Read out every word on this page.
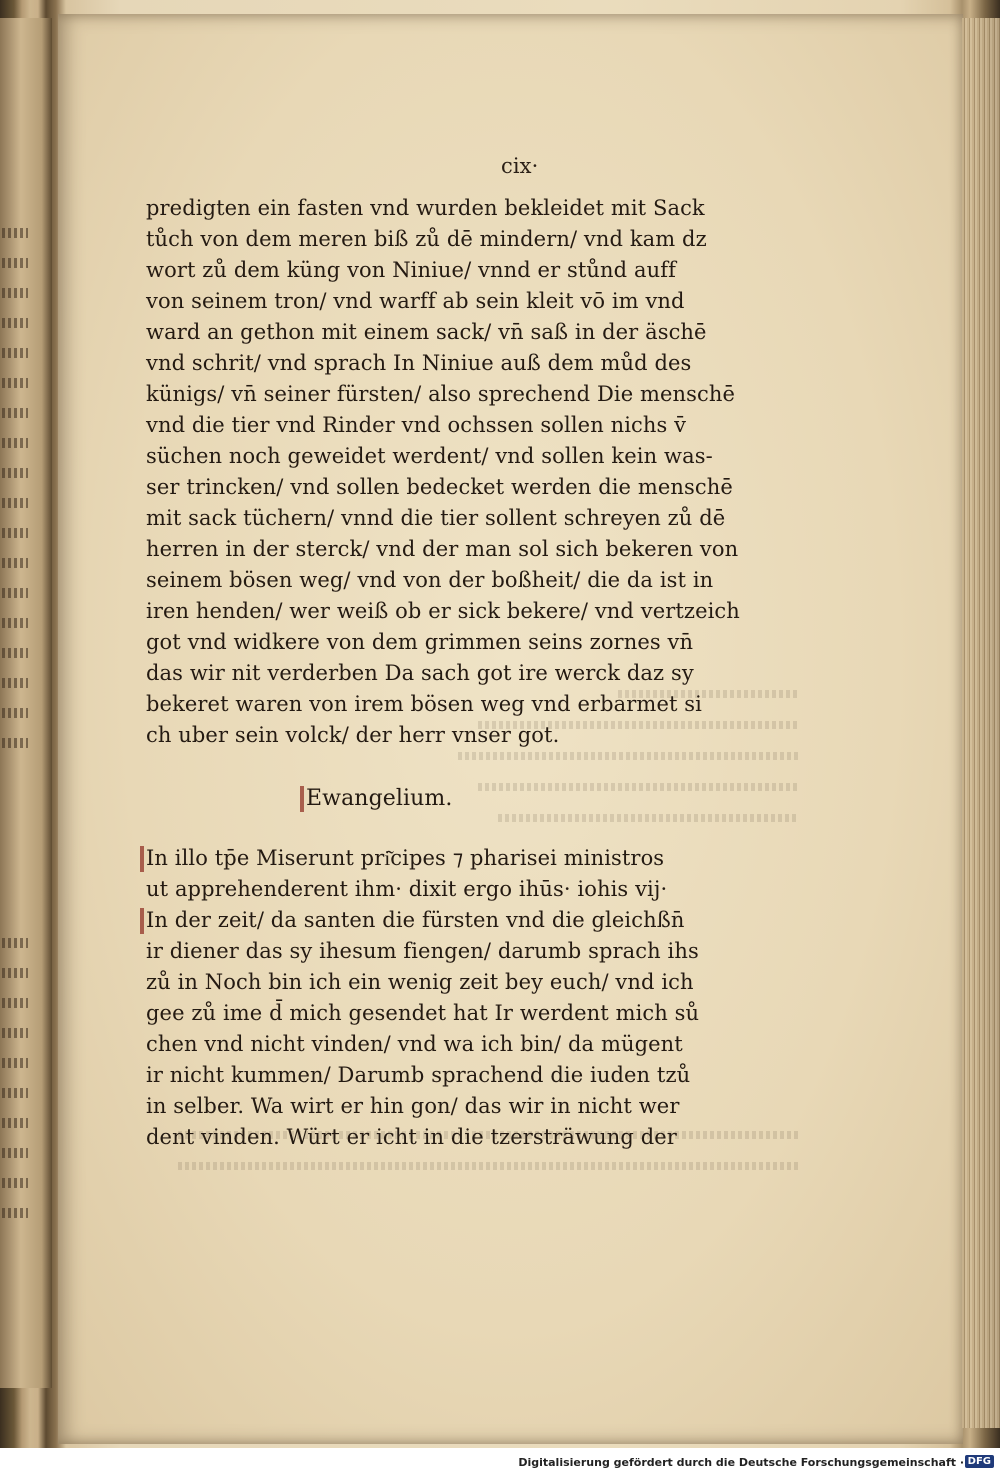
cix·
predigten ein fasten vnd wurden bekleidet mit Sack
tůch von dem meren biß zů dē mindern/ vnd kam dz
wort zů dem küng von Niniue/ vnnd er stůnd auff
von seinem tron/ vnd warff ab sein kleit vō im vnd
ward an gethon mit einem sack/ vn̄ saß in der äschē
vnd schrit/ vnd sprach In Niniue auß dem můd des
künigs/ vn̄ seiner fürsten/ also sprechend Die menschē
vnd die tier vnd Rinder vnd ochssen sollen nichs v̄
süchen noch geweidet werdent/ vnd sollen kein was-
ser trincken/ vnd sollen bedecket werden die menschē
mit sack tüchern/ vnnd die tier sollent schreyen zů dē
herren in der sterck/ vnd der man sol sich bekeren von
seinem bösen weg/ vnd von der boßheit/ die da ist in
iren henden/ wer weiß ob er sick bekere/ vnd vertzeich
got vnd widkere von dem grimmen seins zornes vn̄
das wir nit verderben Da sach got ire werck daz sy
bekeret waren von irem bösen weg vnd erbarmet si
ch uber sein volck/ der herr vnser got.
Ewangelium.
In illo tp̄e Miserunt pri͂cipes ⁊ pharisei ministros
ut apprehenderent ihm· dixit ergo ihūs· iohis vij·
In der zeit/ da santen die fürsten vnd die gleichßn̄
ir diener das sy ihesum fiengen/ darumb sprach ihs
zů in Noch bin ich ein wenig zeit bey euch/ vnd ich
gee zů ime d̄ mich gesendet hat Ir werdent mich sů
chen vnd nicht vinden/ vnd wa ich bin/ da mügent
ir nicht kummen/ Darumb sprachend die iuden tzů
in selber. Wa wirt er hin gon/ das wir in nicht wer
dent vinden. Würt er icht in die tzersträwung der
Digitalisierung gefördert durch die Deutsche Forschungsgemeinschaft · DFG
